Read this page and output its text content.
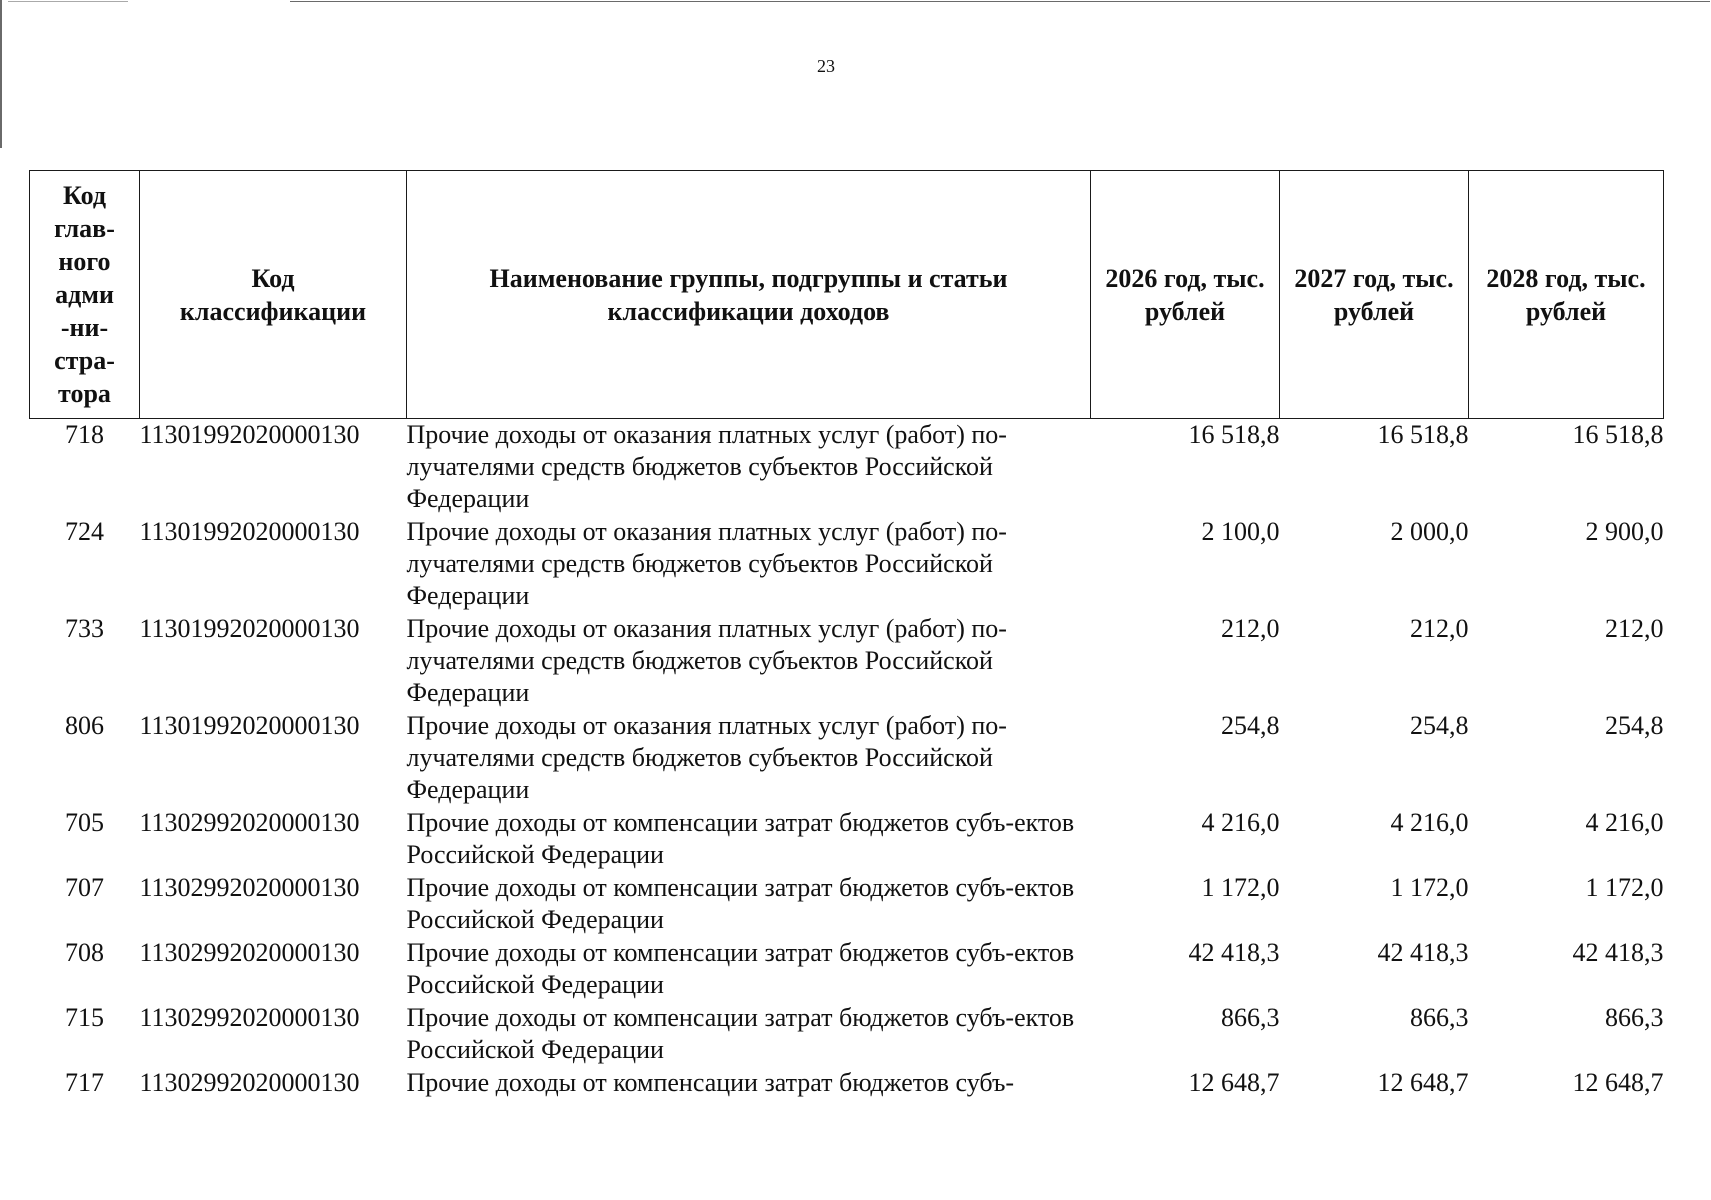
23
Код глав-ного адми-ни-стра-тора	Код классификации	Наименование группы, подгруппы и статьи классификации доходов	2026 год, тыс. рублей	2027 год, тыс. рублей	2028 год, тыс. рублей

718	11301992020000130	Прочие доходы от оказания платных услуг (работ) по-лучателями средств бюджетов субъектов Российской Федерации	16 518,8	16 518,8	16 518,8
724	11301992020000130	Прочие доходы от оказания платных услуг (работ) по-лучателями средств бюджетов субъектов Российской Федерации	2 100,0	2 000,0	2 900,0
733	11301992020000130	Прочие доходы от оказания платных услуг (работ) по-лучателями средств бюджетов субъектов Российской Федерации	212,0	212,0	212,0
806	11301992020000130	Прочие доходы от оказания платных услуг (работ) по-лучателями средств бюджетов субъектов Российской Федерации	254,8	254,8	254,8
705	11302992020000130	Прочие доходы от компенсации затрат бюджетов субъ-ектов Российской Федерации	4 216,0	4 216,0	4 216,0
707	11302992020000130	Прочие доходы от компенсации затрат бюджетов субъ-ектов Российской Федерации	1 172,0	1 172,0	1 172,0
708	11302992020000130	Прочие доходы от компенсации затрат бюджетов субъ-ектов Российской Федерации	42 418,3	42 418,3	42 418,3
715	11302992020000130	Прочие доходы от компенсации затрат бюджетов субъ-ектов Российской Федерации	866,3	866,3	866,3
717	11302992020000130	Прочие доходы от компенсации затрат бюджетов субъ-	12 648,7	12 648,7	12 648,7
